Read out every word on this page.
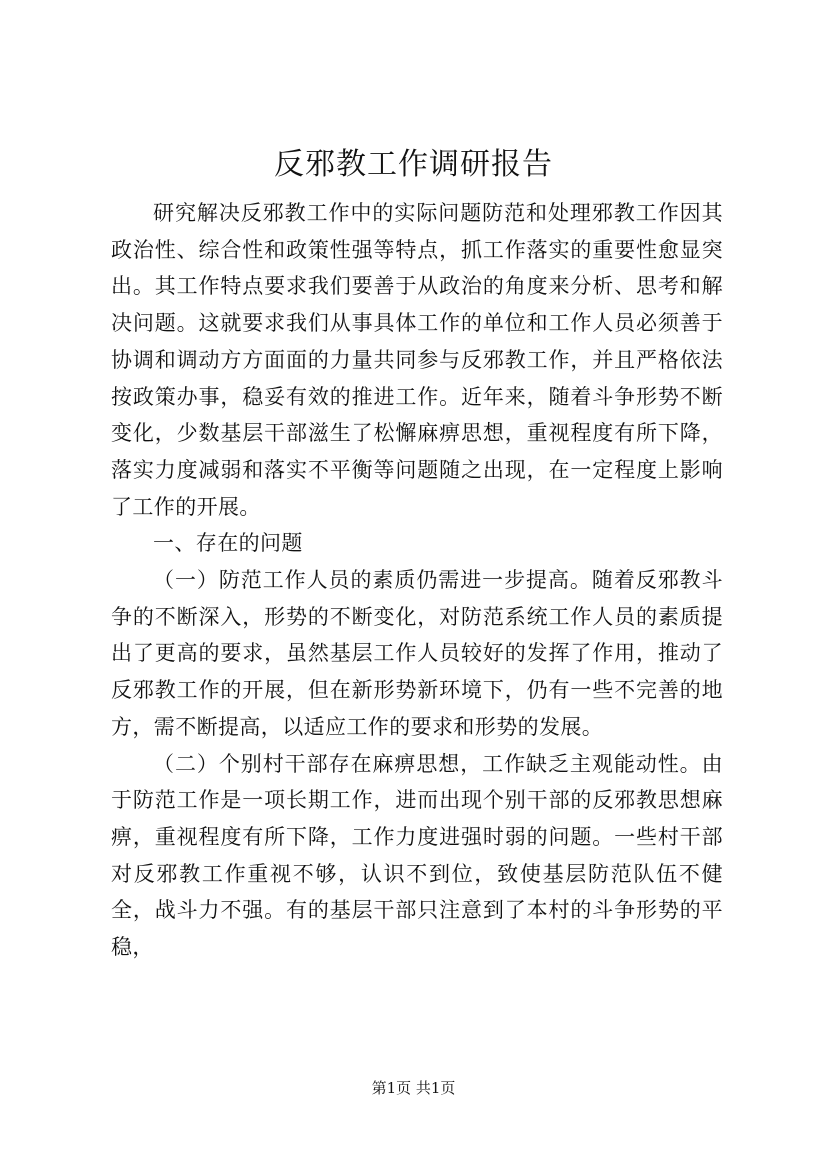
反邪教工作调研报告

研究解决反邪教工作中的实际问题防范和处理邪教工作因其政治性、综合性和政策性强等特点，抓工作落实的重要性愈显突出。其工作特点要求我们要善于从政治的角度来分析、思考和解决问题。这就要求我们从事具体工作的单位和工作人员必须善于协调和调动方方面面的力量共同参与反邪教工作，并且严格依法按政策办事，稳妥有效的推进工作。近年来，随着斗争形势不断变化，少数基层干部滋生了松懈麻痹思想，重视程度有所下降，落实力度减弱和落实不平衡等问题随之出现，在一定程度上影响了工作的开展。

一、存在的问题

（一）防范工作人员的素质仍需进一步提高。随着反邪教斗争的不断深入，形势的不断变化，对防范系统工作人员的素质提出了更高的要求，虽然基层工作人员较好的发挥了作用，推动了反邪教工作的开展，但在新形势新环境下，仍有一些不完善的地方，需不断提高，以适应工作的要求和形势的发展。

（二）个别村干部存在麻痹思想，工作缺乏主观能动性。由于防范工作是一项长期工作，进而出现个别干部的反邪教思想麻痹，重视程度有所下降，工作力度进强时弱的问题。一些村干部对反邪教工作重视不够，认识不到位，致使基层防范队伍不健全，战斗力不强。有的基层干部只注意到了本村的斗争形势的平稳，

第1页 共1页
